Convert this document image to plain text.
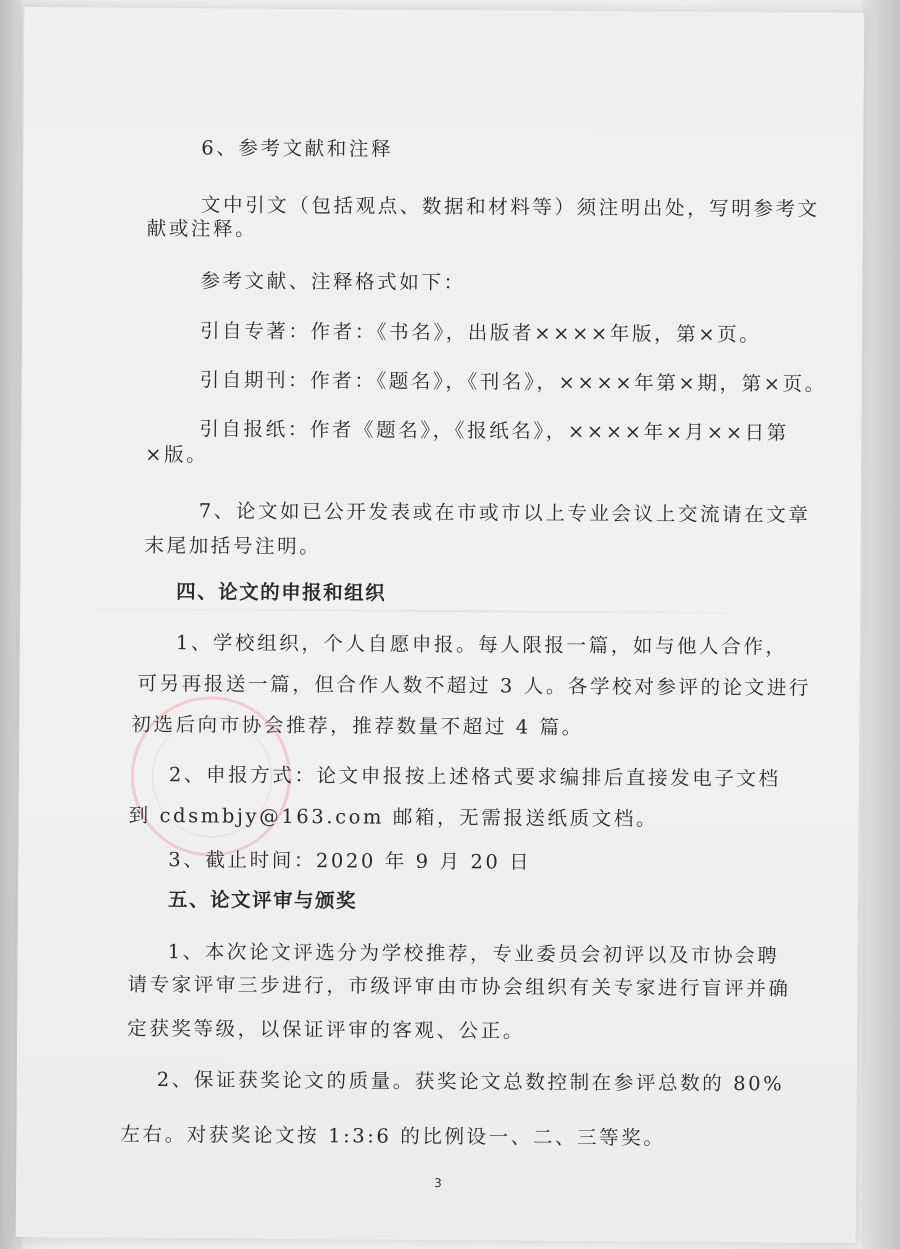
6、参考文献和注释
文中引文（包括观点、数据和材料等）须注明出处，写明参考文
献或注释。
参考文献、注释格式如下：
引自专著：作者：《书名》，出版者××××年版，第×页。
引自期刊：作者：《题名》，《刊名》，××××年第×期，第×页。
引自报纸：作者《题名》，《报纸名》，××××年×月××日第
×版。
7、论文如已公开发表或在市或市以上专业会议上交流请在文章
末尾加括号注明。
四、论文的申报和组织
1、学校组织，个人自愿申报。每人限报一篇，如与他人合作，
可另再报送一篇，但合作人数不超过 3 人。各学校对参评的论文进行
初选后向市协会推荐，推荐数量不超过 4 篇。
2、申报方式：论文申报按上述格式要求编排后直接发电子文档
到 cdsmbjy@163.com 邮箱，无需报送纸质文档。
3、截止时间：2020 年 9 月 20 日
五、论文评审与颁奖
1、本次论文评选分为学校推荐，专业委员会初评以及市协会聘
请专家评审三步进行，市级评审由市协会组织有关专家进行盲评并确
定获奖等级，以保证评审的客观、公正。
2、保证获奖论文的质量。获奖论文总数控制在参评总数的 80%
左右。对获奖论文按 1:3:6 的比例设一、二、三等奖。
3
